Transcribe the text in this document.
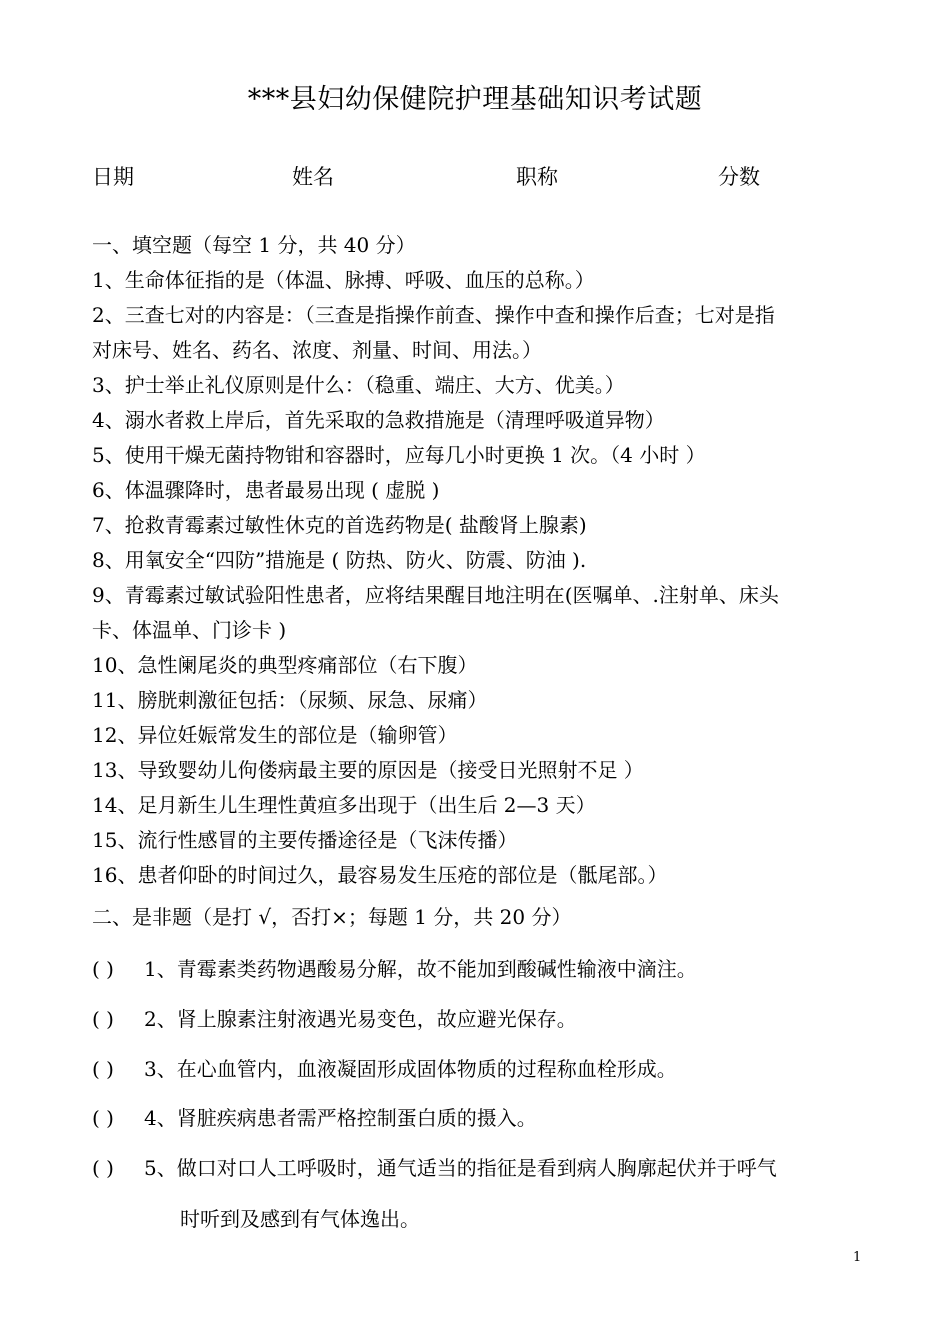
***县妇幼保健院护理基础知识考试题
日期	姓名	职称	分数
一、填空题（每空 1 分，共 40 分）
1、生命体征指的是（体温、脉搏、呼吸、血压的总称。）
2、三查七对的内容是：（三查是指操作前查、操作中查和操作后查；七对是指
对床号、姓名、药名、浓度、剂量、时间、用法。）
3、护士举止礼仪原则是什么：（稳重、端庄、大方、优美。）
4、溺水者救上岸后，首先采取的急救措施是（清理呼吸道异物）
5、使用干燥无菌持物钳和容器时，应每几小时更换 1 次。（4 小时 ）
6、体温骤降时，患者最易出现 ( 虚脱 )
7、抢救青霉素过敏性休克的首选药物是( 盐酸肾上腺素)
8、用氧安全“四防”措施是 ( 防热、防火、防震、防油 ).
9、青霉素过敏试验阳性患者，应将结果醒目地注明在(医嘱单、.注射单、床头
卡、体温单、门诊卡 )
10、急性阑尾炎的典型疼痛部位（右下腹）
11、膀胱刺激征包括：（尿频、尿急、尿痛）
12、异位妊娠常发生的部位是（输卵管）
13、导致婴幼儿佝偻病最主要的原因是（接受日光照射不足 ）
14、足月新生儿生理性黄疸多出现于（出生后 2—3 天）
15、流行性感冒的主要传播途径是（飞沫传播）
16、患者仰卧的时间过久，最容易发生压疮的部位是（骶尾部。）
二、是非题（是打 √，否打×；每题 1 分，共 20 分）
( ) 1、青霉素类药物遇酸易分解，故不能加到酸碱性输液中滴注。
( ) 2、肾上腺素注射液遇光易变色，故应避光保存。
( ) 3、在心血管内，血液凝固形成固体物质的过程称血栓形成。
( ) 4、肾脏疾病患者需严格控制蛋白质的摄入。
( ) 5、做口对口人工呼吸时，通气适当的指征是看到病人胸廓起伏并于呼气
时听到及感到有气体逸出。
1
